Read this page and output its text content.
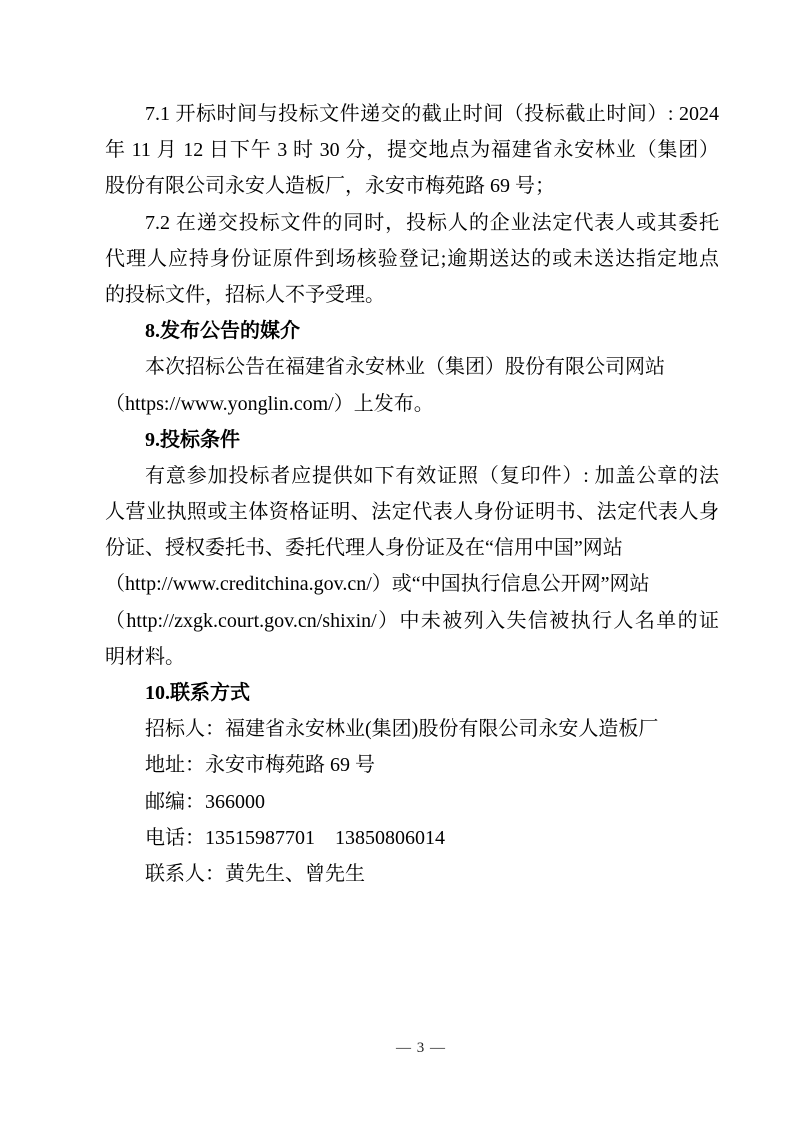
7.1 开标时间与投标文件递交的截止时间（投标截止时间）: 2024
年 11 月 12 日下午 3 时 30 分，提交地点为福建省永安林业（集团）
股份有限公司永安人造板厂，永安市梅苑路 69 号；
7.2 在递交投标文件的同时，投标人的企业法定代表人或其委托
代理人应持身份证原件到场核验登记;逾期送达的或未送达指定地点
的投标文件，招标人不予受理。
8.发布公告的媒介
本次招标公告在福建省永安林业（集团）股份有限公司网站
（https://www.yonglin.com/）上发布。
9.投标条件
有意参加投标者应提供如下有效证照（复印件）: 加盖公章的法
人营业执照或主体资格证明、法定代表人身份证明书、法定代表人身
份证、授权委托书、委托代理人身份证及在“信用中国”网站
（http://www.creditchina.gov.cn/）或“中国执行信息公开网”网站
（http://zxgk.court.gov.cn/shixin/）中未被列入失信被执行人名单的证
明材料。
10.联系方式
招标人：福建省永安林业(集团)股份有限公司永安人造板厂
地址：永安市梅苑路 69 号
邮编：366000
电话：13515987701    13850806014
联系人：黄先生、曾先生
— 3 —
